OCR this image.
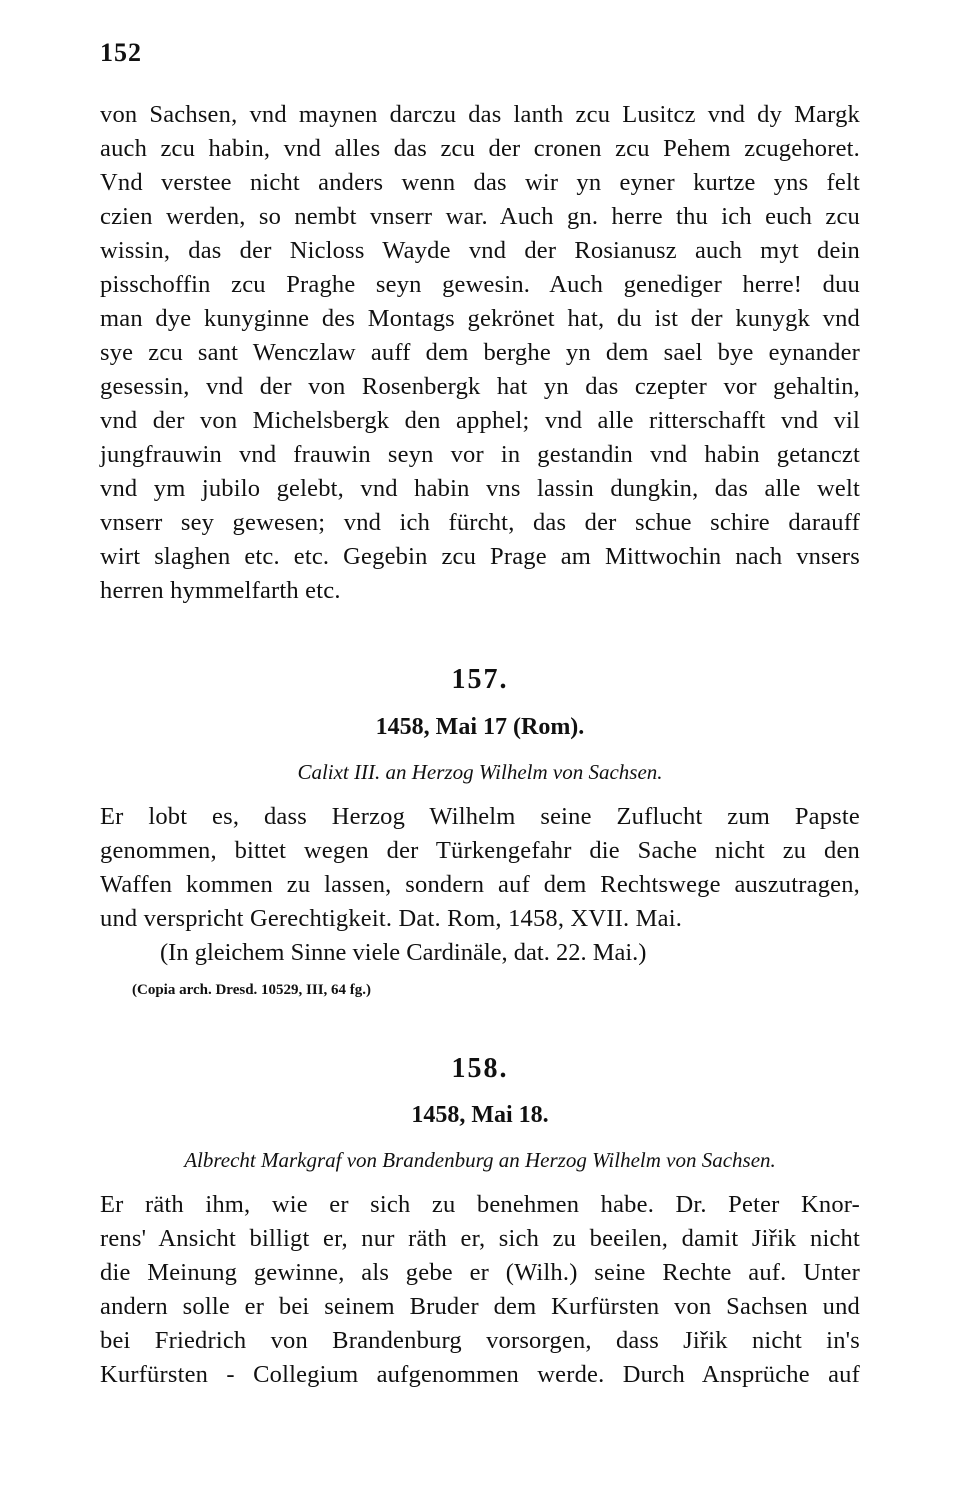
152
von Sachsen, vnd maynen darczu das lanth zcu Lusitcz vnd dy Margk
auch zcu habin, vnd alles das zcu der cronen zcu Pehem zcugehoret.
Vnd verstee nicht anders wenn das wir yn eyner kurtze yns felt
czien werden, so nembt vnserr war. Auch gn. herre thu ich euch zcu
wissin, das der Nicloss Wayde vnd der Rosianusz auch myt dein
pisschoffin zcu Praghe seyn gewesin. Auch genediger herre! duu
man dye kunyginne des Montags gekrönet hat, du ist der kunygk vnd
sye zcu sant Wenczlaw auff dem berghe yn dem sael bye eynander
gesessin, vnd der von Rosenbergk hat yn das czepter vor gehaltin,
vnd der von Michelsbergk den apphel; vnd alle ritterschafft vnd vil
jungfrauwin vnd frauwin seyn vor in gestandin vnd habin getanczt
vnd ym jubilo gelebt, vnd habin vns lassin dungkin, das alle welt
vnserr sey gewesen; vnd ich fürcht, das der schue schire darauff
wirt slaghen etc. etc. Gegebin zcu Prage am Mittwochin nach vnsers
herren hymmelfarth etc.
157.
1458, Mai 17 (Rom).
Calixt III. an Herzog Wilhelm von Sachsen.
Er lobt es, dass Herzog Wilhelm seine Zuflucht zum Papste
genommen, bittet wegen der Türkengefahr die Sache nicht zu den
Waffen kommen zu lassen, sondern auf dem Rechtswege auszutragen,
und verspricht Gerechtigkeit. Dat. Rom, 1458, XVII. Mai.
(In gleichem Sinne viele Cardinäle, dat. 22. Mai.)
(Copia arch. Dresd. 10529, III, 64 fg.)
158.
1458, Mai 18.
Albrecht Markgraf von Brandenburg an Herzog Wilhelm von Sachsen.
Er räth ihm, wie er sich zu benehmen habe. Dr. Peter Knor-
rens' Ansicht billigt er, nur räth er, sich zu beeilen, damit Jiřik nicht
die Meinung gewinne, als gebe er (Wilh.) seine Rechte auf. Unter
andern solle er bei seinem Bruder dem Kurfürsten von Sachsen und
bei Friedrich von Brandenburg vorsorgen, dass Jiřik nicht in's
Kurfürsten - Collegium aufgenommen werde. Durch Ansprüche auf
